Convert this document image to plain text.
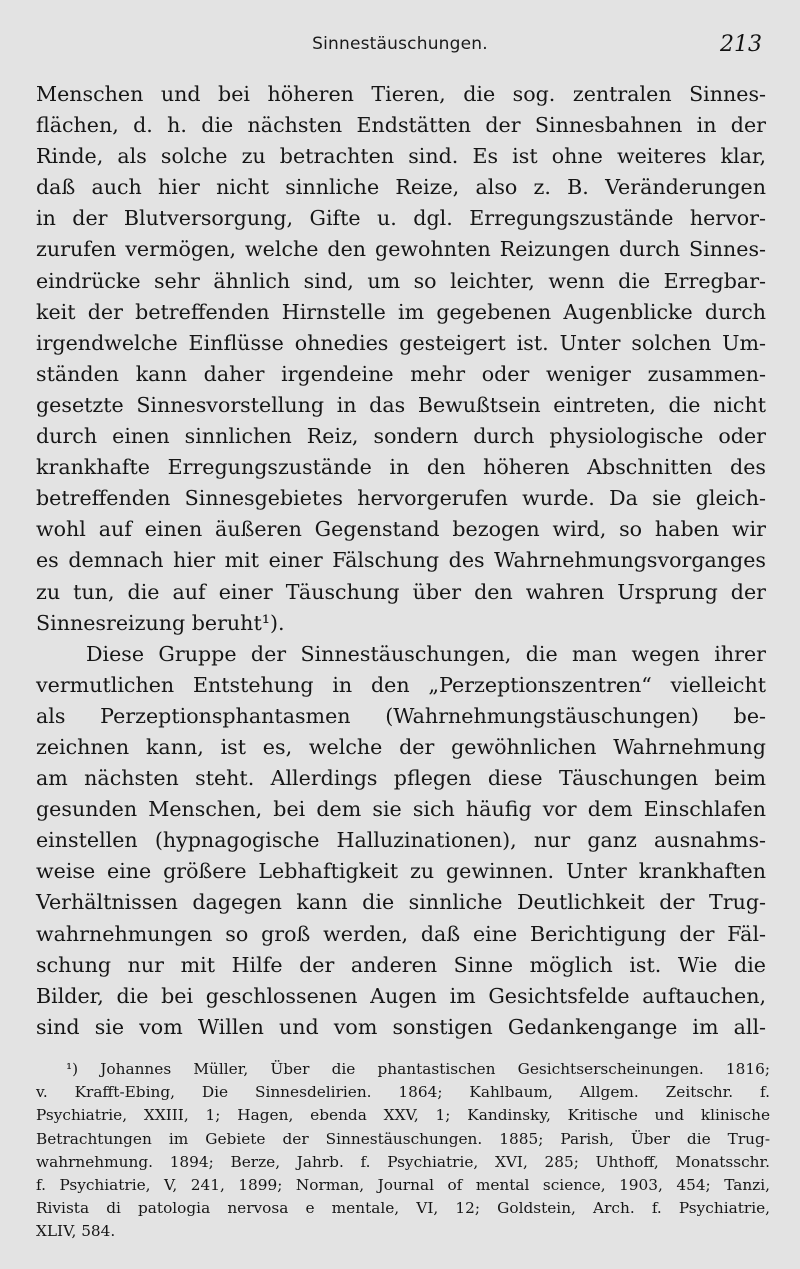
Sinnestäuschungen.	213
Menschen und bei höheren Tieren, die sog. zentralen Sinnes-
flächen, d. h. die nächsten Endstätten der Sinnesbahnen in der
Rinde, als solche zu betrachten sind. Es ist ohne weiteres klar,
daß auch hier nicht sinnliche Reize, also z. B. Veränderungen
in der Blutversorgung, Gifte u. dgl. Erregungszustände hervor-
zurufen vermögen, welche den gewohnten Reizungen durch Sinnes-
eindrücke sehr ähnlich sind, um so leichter, wenn die Erregbar-
keit der betreffenden Hirnstelle im gegebenen Augenblicke durch
irgendwelche Einflüsse ohnedies gesteigert ist. Unter solchen Um-
ständen kann daher irgendeine mehr oder weniger zusammen-
gesetzte Sinnesvorstellung in das Bewußtsein eintreten, die nicht
durch einen sinnlichen Reiz, sondern durch physiologische oder
krankhafte Erregungszustände in den höheren Abschnitten des
betreffenden Sinnesgebietes hervorgerufen wurde. Da sie gleich-
wohl auf einen äußeren Gegenstand bezogen wird, so haben wir
es demnach hier mit einer Fälschung des Wahrnehmungsvorganges
zu tun, die auf einer Täuschung über den wahren Ursprung der
Sinnesreizung beruht¹).
Diese Gruppe der Sinnestäuschungen, die man wegen ihrer
vermutlichen Entstehung in den „Perzeptionszentren“ vielleicht
als Perzeptionsphantasmen (Wahrnehmungstäuschungen) be-
zeichnen kann, ist es, welche der gewöhnlichen Wahrnehmung
am nächsten steht. Allerdings pflegen diese Täuschungen beim
gesunden Menschen, bei dem sie sich häufig vor dem Einschlafen
einstellen (hypnagogische Halluzinationen), nur ganz ausnahms-
weise eine größere Lebhaftigkeit zu gewinnen. Unter krankhaften
Verhältnissen dagegen kann die sinnliche Deutlichkeit der Trug-
wahrnehmungen so groß werden, daß eine Berichtigung der Fäl-
schung nur mit Hilfe der anderen Sinne möglich ist. Wie die
Bilder, die bei geschlossenen Augen im Gesichtsfelde auftauchen,
sind sie vom Willen und vom sonstigen Gedankengange im all-
¹) Johannes Müller, Über die phantastischen Gesichtserscheinungen. 1816;
v. Krafft-Ebing, Die Sinnesdelirien. 1864; Kahlbaum, Allgem. Zeitschr. f.
Psychiatrie, XXIII, 1; Hagen, ebenda XXV, 1; Kandinsky, Kritische und klinische
Betrachtungen im Gebiete der Sinnestäuschungen. 1885; Parish, Über die Trug-
wahrnehmung. 1894; Berze, Jahrb. f. Psychiatrie, XVI, 285; Uhthoff, Monatsschr.
f. Psychiatrie, V, 241, 1899; Norman, Journal of mental science, 1903, 454; Tanzi,
Rivista di patologia nervosa e mentale, VI, 12; Goldstein, Arch. f. Psychiatrie,
XLIV, 584.
